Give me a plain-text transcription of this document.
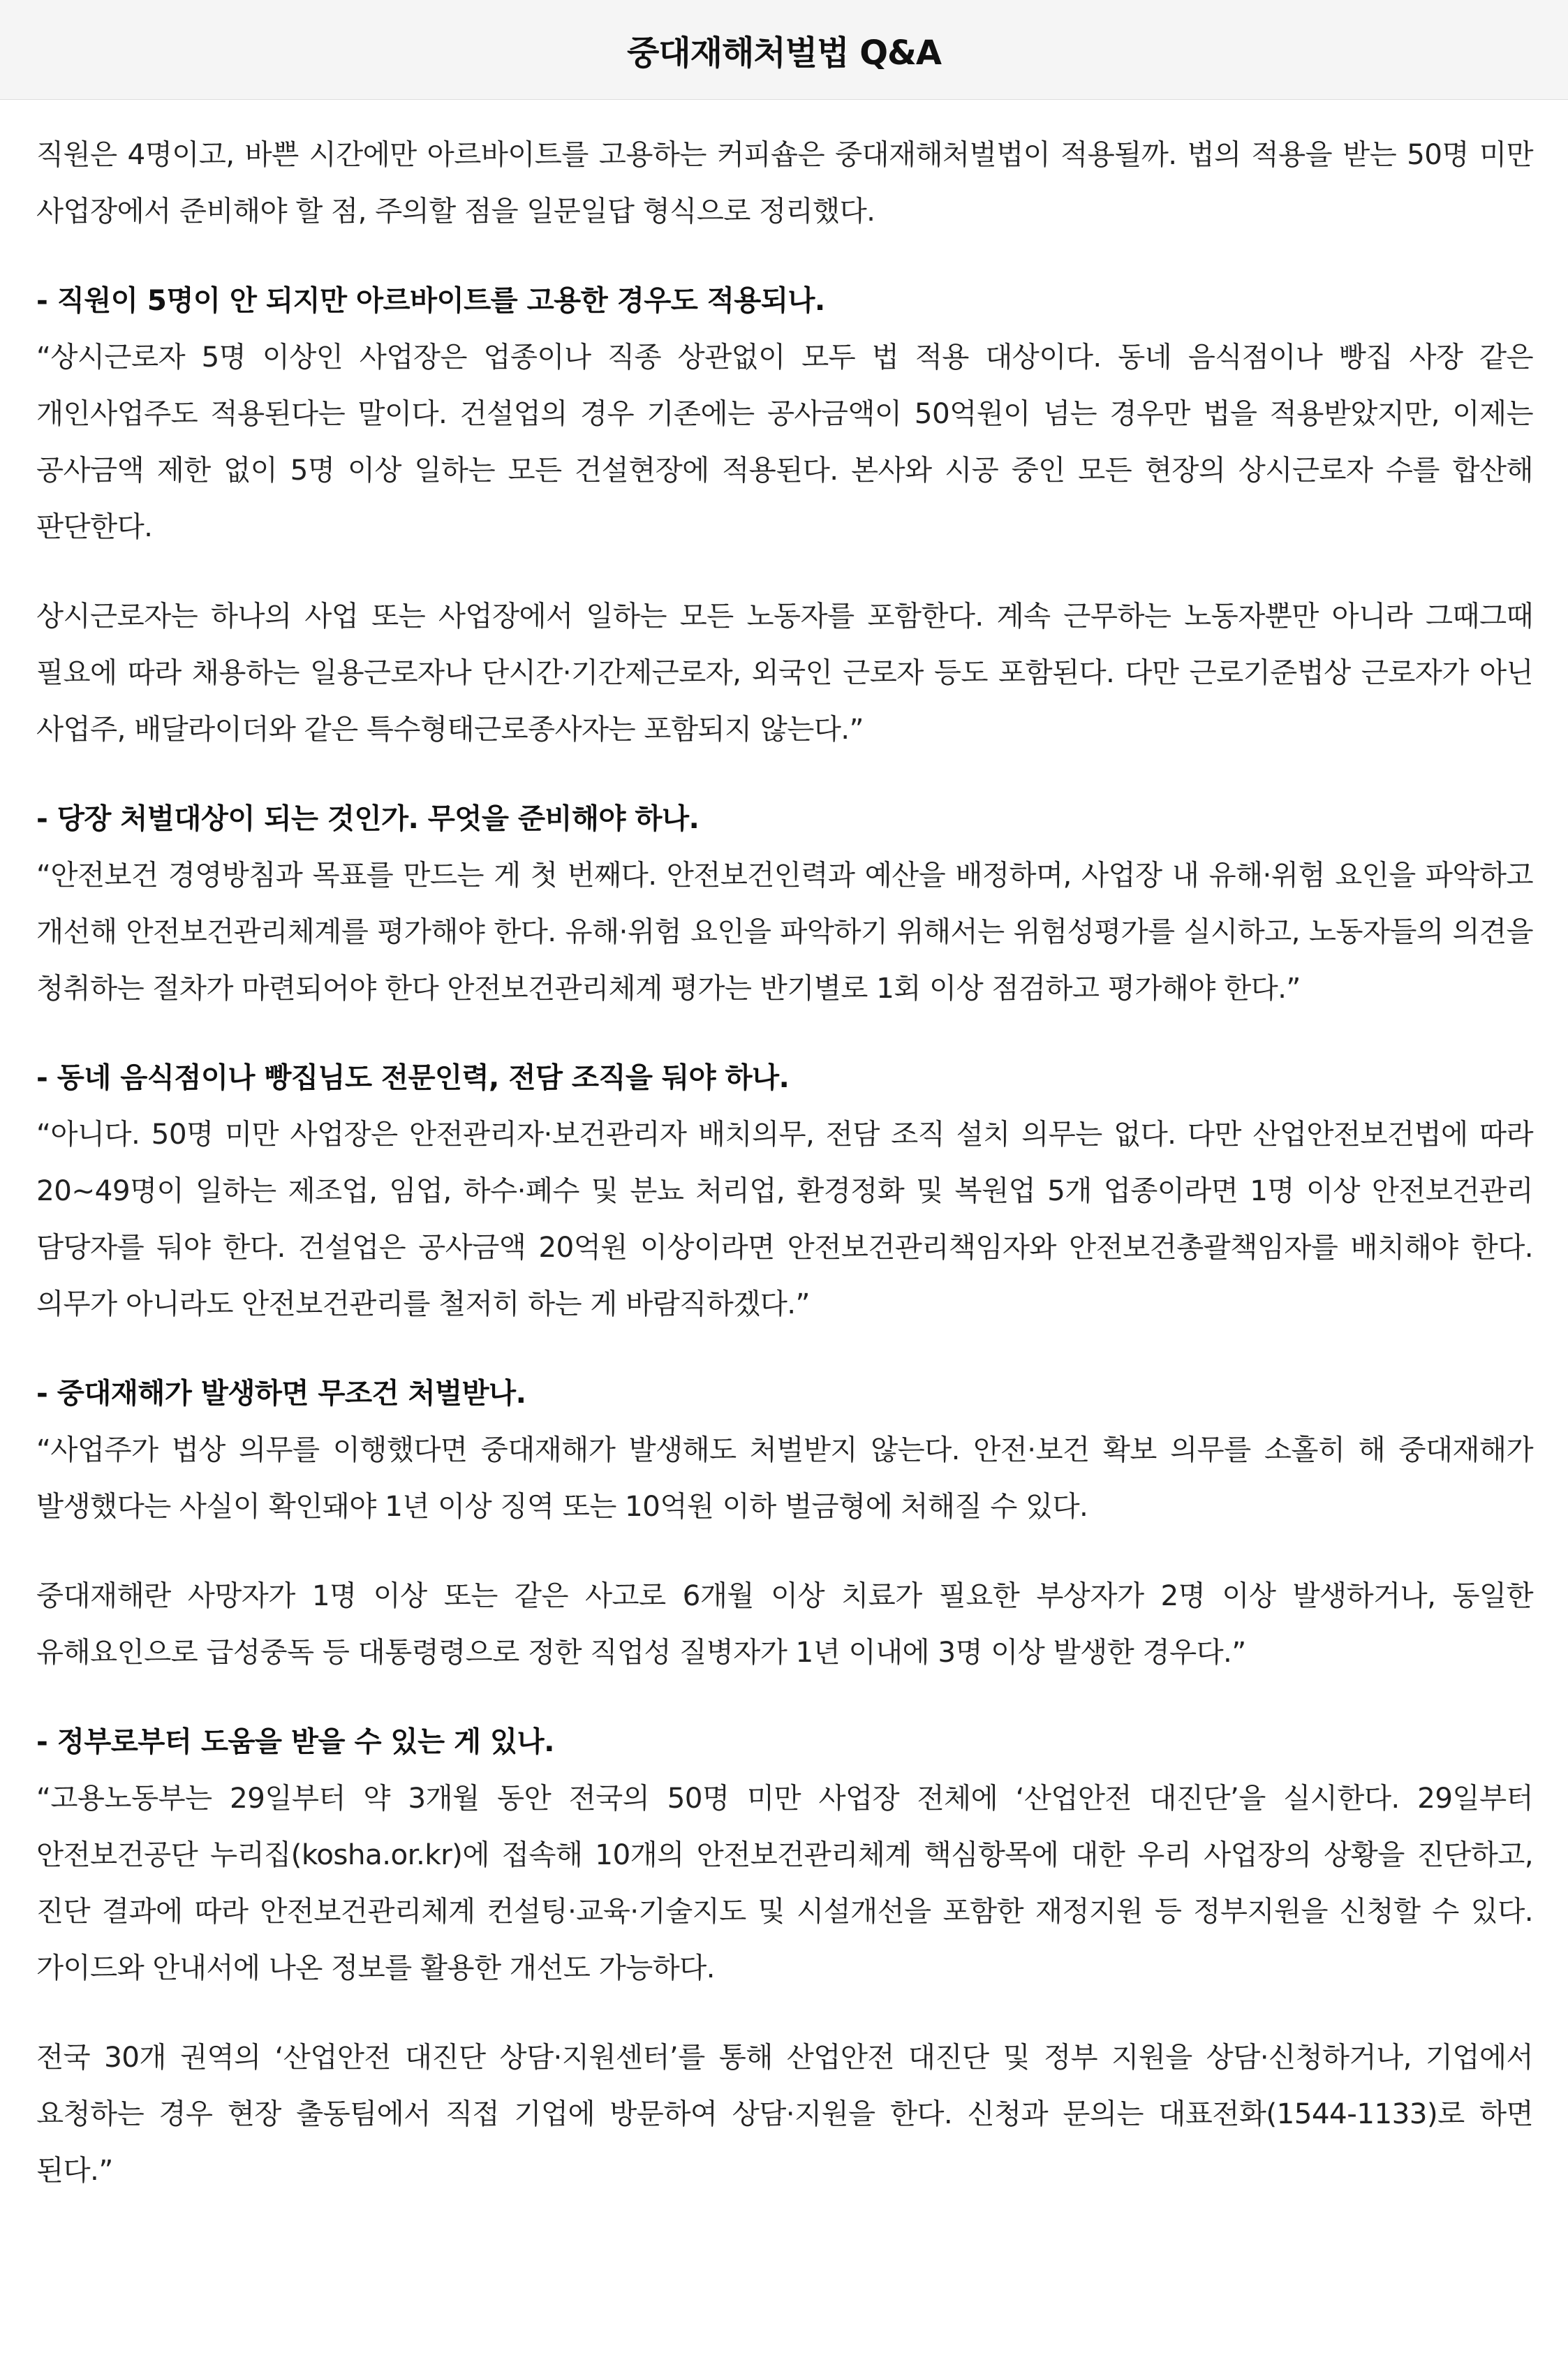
중대재해처벌법 Q&A

직원은 4명이고, 바쁜 시간에만 아르바이트를 고용하는 커피숍은 중대재해처벌법이 적용될까. 법의 적용을 받는 50명 미만 사업장에서 준비해야 할 점, 주의할 점을 일문일답 형식으로 정리했다.

- 직원이 5명이 안 되지만 아르바이트를 고용한 경우도 적용되나.

“상시근로자 5명 이상인 사업장은 업종이나 직종 상관없이 모두 법 적용 대상이다. 동네 음식점이나 빵집 사장 같은 개인사업주도 적용된다는 말이다. 건설업의 경우 기존에는 공사금액이 50억원이 넘는 경우만 법을 적용받았지만, 이제는 공사금액 제한 없이 5명 이상 일하는 모든 건설현장에 적용된다. 본사와 시공 중인 모든 현장의 상시근로자 수를 합산해 판단한다.

상시근로자는 하나의 사업 또는 사업장에서 일하는 모든 노동자를 포함한다. 계속 근무하는 노동자뿐만 아니라 그때그때 필요에 따라 채용하는 일용근로자나 단시간·기간제근로자, 외국인 근로자 등도 포함된다. 다만 근로기준법상 근로자가 아닌 사업주, 배달라이더와 같은 특수형태근로종사자는 포함되지 않는다.”

- 당장 처벌대상이 되는 것인가. 무엇을 준비해야 하나.

“안전보건 경영방침과 목표를 만드는 게 첫 번째다. 안전보건인력과 예산을 배정하며, 사업장 내 유해·위험 요인을 파악하고 개선해 안전보건관리체계를 평가해야 한다. 유해·위험 요인을 파악하기 위해서는 위험성평가를 실시하고, 노동자들의 의견을 청취하는 절차가 마련되어야 한다 안전보건관리체계 평가는 반기별로 1회 이상 점검하고 평가해야 한다.”

- 동네 음식점이나 빵집님도 전문인력, 전담 조직을 둬야 하나.

“아니다. 50명 미만 사업장은 안전관리자·보건관리자 배치의무, 전담 조직 설치 의무는 없다. 다만 산업안전보건법에 따라 20~49명이 일하는 제조업, 임업, 하수·폐수 및 분뇨 처리업, 환경정화 및 복원업 5개 업종이라면 1명 이상 안전보건관리 담당자를 둬야 한다. 건설업은 공사금액 20억원 이상이라면 안전보건관리책임자와 안전보건총괄책임자를 배치해야 한다. 의무가 아니라도 안전보건관리를 철저히 하는 게 바람직하겠다.”

- 중대재해가 발생하면 무조건 처벌받나.

“사업주가 법상 의무를 이행했다면 중대재해가 발생해도 처벌받지 않는다. 안전·보건 확보 의무를 소홀히 해 중대재해가 발생했다는 사실이 확인돼야 1년 이상 징역 또는 10억원 이하 벌금형에 처해질 수 있다.

중대재해란 사망자가 1명 이상 또는 같은 사고로 6개월 이상 치료가 필요한 부상자가 2명 이상 발생하거나, 동일한 유해요인으로 급성중독 등 대통령령으로 정한 직업성 질병자가 1년 이내에 3명 이상 발생한 경우다.”

- 정부로부터 도움을 받을 수 있는 게 있나.

“고용노동부는 29일부터 약 3개월 동안 전국의 50명 미만 사업장 전체에 ‘산업안전 대진단’을 실시한다. 29일부터 안전보건공단 누리집(kosha.or.kr)에 접속해 10개의 안전보건관리체계 핵심항목에 대한 우리 사업장의 상황을 진단하고, 진단 결과에 따라 안전보건관리체계 컨설팅·교육·기술지도 및 시설개선을 포함한 재정지원 등 정부지원을 신청할 수 있다. 가이드와 안내서에 나온 정보를 활용한 개선도 가능하다.

전국 30개 권역의 ‘산업안전 대진단 상담·지원센터’를 통해 산업안전 대진단 및 정부 지원을 상담·신청하거나, 기업에서 요청하는 경우 현장 출동팀에서 직접 기업에 방문하여 상담·지원을 한다. 신청과 문의는 대표전화(1544-1133)로 하면 된다.”
